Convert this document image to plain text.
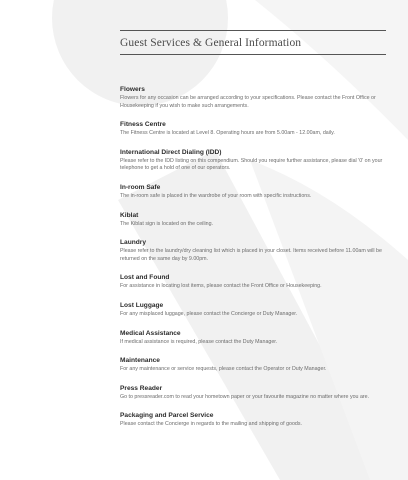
Guest Services & General Information
Flowers
Flowers for any occasion can be arranged according to your specifications. Please contact the Front Office or Housekeeping if you wish to make such arrangements.
Fitness Centre
The Fitness Centre is located at Level 8. Operating hours are from 5.00am - 12.00am, daily.
International Direct Dialing (IDD)
Please refer to the IDD listing on this compendium. Should you require further assistance, please dial '0' on your telephone to get a hold of one of our operators.
In-room Safe
The in-room safe is placed in the wardrobe of your room with specific instructions.
Kiblat
The Kiblat sign is located on the ceiling.
Laundry
Please refer to the laundry/dry cleaning list which is placed in your closet. Items received before 11.00am will be returned on the same day by 9.00pm.
Lost and Found
For assistance in locating lost items, please contact the Front Office or Housekeeping.
Lost Luggage
For any misplaced luggage, please contact the Concierge or Duty Manager.
Medical Assistance
If medical assistance is required, please contact the Duty Manager.
Maintenance
For any maintenance or service requests, please contact the Operator or Duty Manager.
Press Reader
Go to pressreader.com to read your hometown paper or your favourite magazine no matter where you are.
Packaging and Parcel Service
Please contact the Concierge in regards to the mailing and shipping of goods.
